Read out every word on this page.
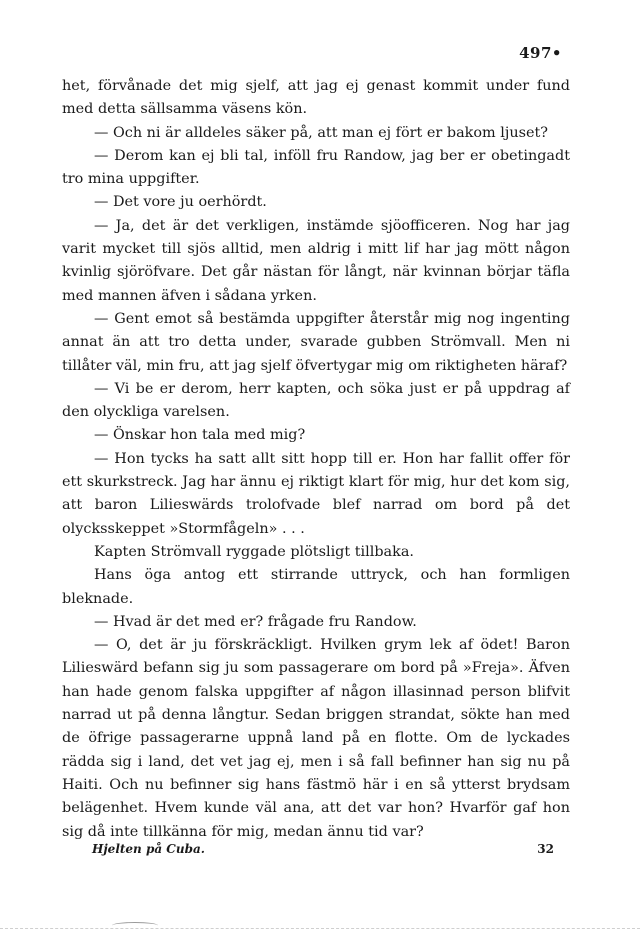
497•

het, förvånade det mig sjelf, att jag ej genast kommit under fund med detta sällsamma väsens kön.

— Och ni är alldeles säker på, att man ej fört er bakom ljuset?

— Derom kan ej bli tal, inföll fru Randow, jag ber er obetingadt tro mina uppgifter.

— Det vore ju oerhördt.

— Ja, det är det verkligen, instämde sjöofficeren. Nog har jag varit mycket till sjös alltid, men aldrig i mitt lif har jag mött någon kvinlig sjöröfvare. Det går nästan för långt, när kvinnan börjar täfla med mannen äfven i sådana yrken.

— Gent emot så bestämda uppgifter återstår mig nog ingenting annat än att tro detta under, svarade gubben Strömvall. Men ni tillåter väl, min fru, att jag sjelf öfvertygar mig om riktigheten häraf?

— Vi be er derom, herr kapten, och söka just er på uppdrag af den olyckliga varelsen.

— Önskar hon tala med mig?

— Hon tycks ha satt allt sitt hopp till er. Hon har fallit offer för ett skurkstreck. Jag har ännu ej riktigt klart för mig, hur det kom sig, att baron Lilieswärds trolofvade blef narrad om bord på det olycksskeppet »Stormfågeln» . . .

Kapten Strömvall ryggade plötsligt tillbaka.

Hans öga antog ett stirrande uttryck, och han formligen bleknade.

— Hvad är det med er? frågade fru Randow.

— O, det är ju förskräckligt. Hvilken grym lek af ödet! Baron Lilieswärd befann sig ju som passagerare om bord på »Freja». Äfven han hade genom falska uppgifter af någon illasinnad person blifvit narrad ut på denna långtur. Sedan briggen strandat, sökte han med de öfrige passagerarne uppnå land på en flotte. Om de lyckades rädda sig i land, det vet jag ej, men i så fall befinner han sig nu på Haiti. Och nu befinner sig hans fästmö här i en så ytterst brydsam belägenhet. Hvem kunde väl ana, att det var hon? Hvarför gaf hon sig då inte tillkänna för mig, medan ännu tid var?

Hjelten på Cuba.	32
